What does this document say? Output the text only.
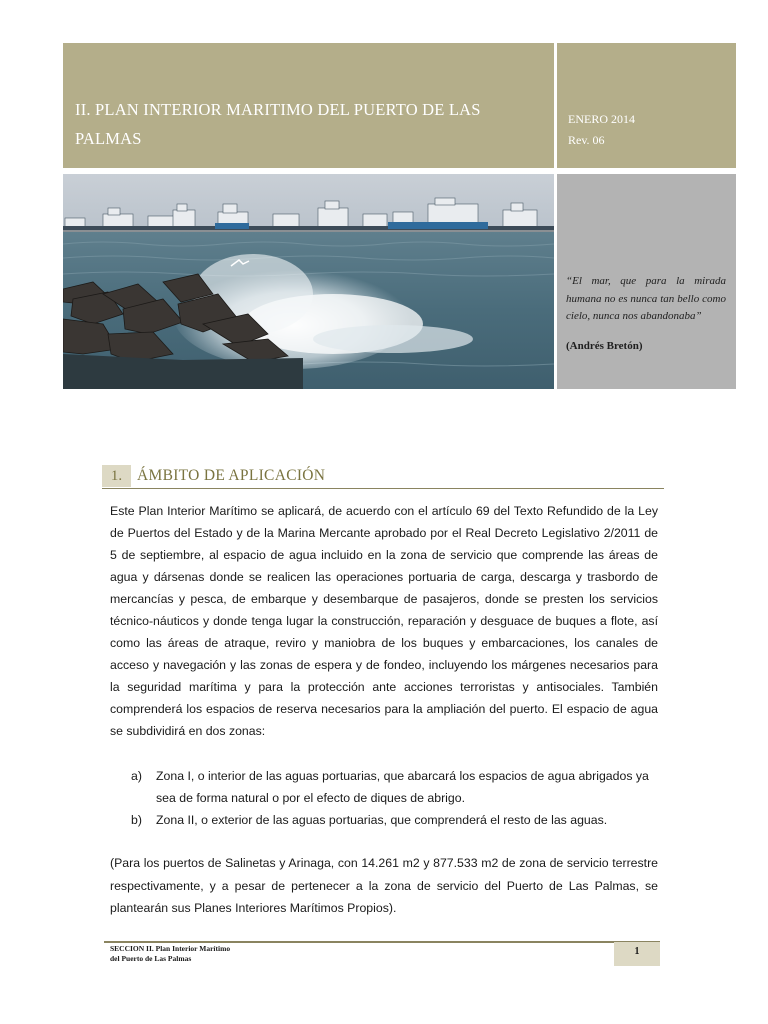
II. PLAN INTERIOR MARITIMO DEL PUERTO DE LAS PALMAS
ENERO 2014
Rev. 06
“El mar, que para la mirada humana no es nunca tan bello como cielo, nunca nos abandonaba”
(Andrés Bretón)
1. ÁMBITO DE APLICACIÓN

Este Plan Interior Marítimo se aplicará, de acuerdo con el artículo 69 del Texto Refundido de la Ley de Puertos del Estado y de la Marina Mercante aprobado por el Real Decreto Legislativo 2/2011 de 5 de septiembre, al espacio de agua incluido en la zona de servicio que comprende las áreas de agua y dársenas donde se realicen las operaciones portuaria de carga, descarga y trasbordo de mercancías y pesca, de embarque y desembarque de pasajeros, donde se presten los servicios técnico-náuticos y donde tenga lugar la construcción, reparación y desguace de buques a flote, así como las áreas de atraque, reviro y maniobra de los buques y embarcaciones, los canales de acceso y navegación y las zonas de espera y de fondeo, incluyendo los márgenes necesarios para la seguridad marítima y para la protección ante acciones terroristas y antisociales. También comprenderá los espacios de reserva necesarios para la ampliación del puerto. El espacio de agua se subdividirá en dos zonas:

a) Zona I, o interior de las aguas portuarias, que abarcará los espacios de agua abrigados ya sea de forma natural o por el efecto de diques de abrigo.
b) Zona II, o exterior de las aguas portuarias, que comprenderá el resto de las aguas.
(Para los puertos de Salinetas y Arinaga, con 14.261 m2 y 877.533 m2 de zona de servicio terrestre respectivamente, y a pesar de pertenecer a la zona de servicio del Puerto de Las Palmas, se plantearán sus Planes Interiores Marítimos Propios).
SECCION II. Plan Interior Marítimo
del Puerto de Las Palmas
1
